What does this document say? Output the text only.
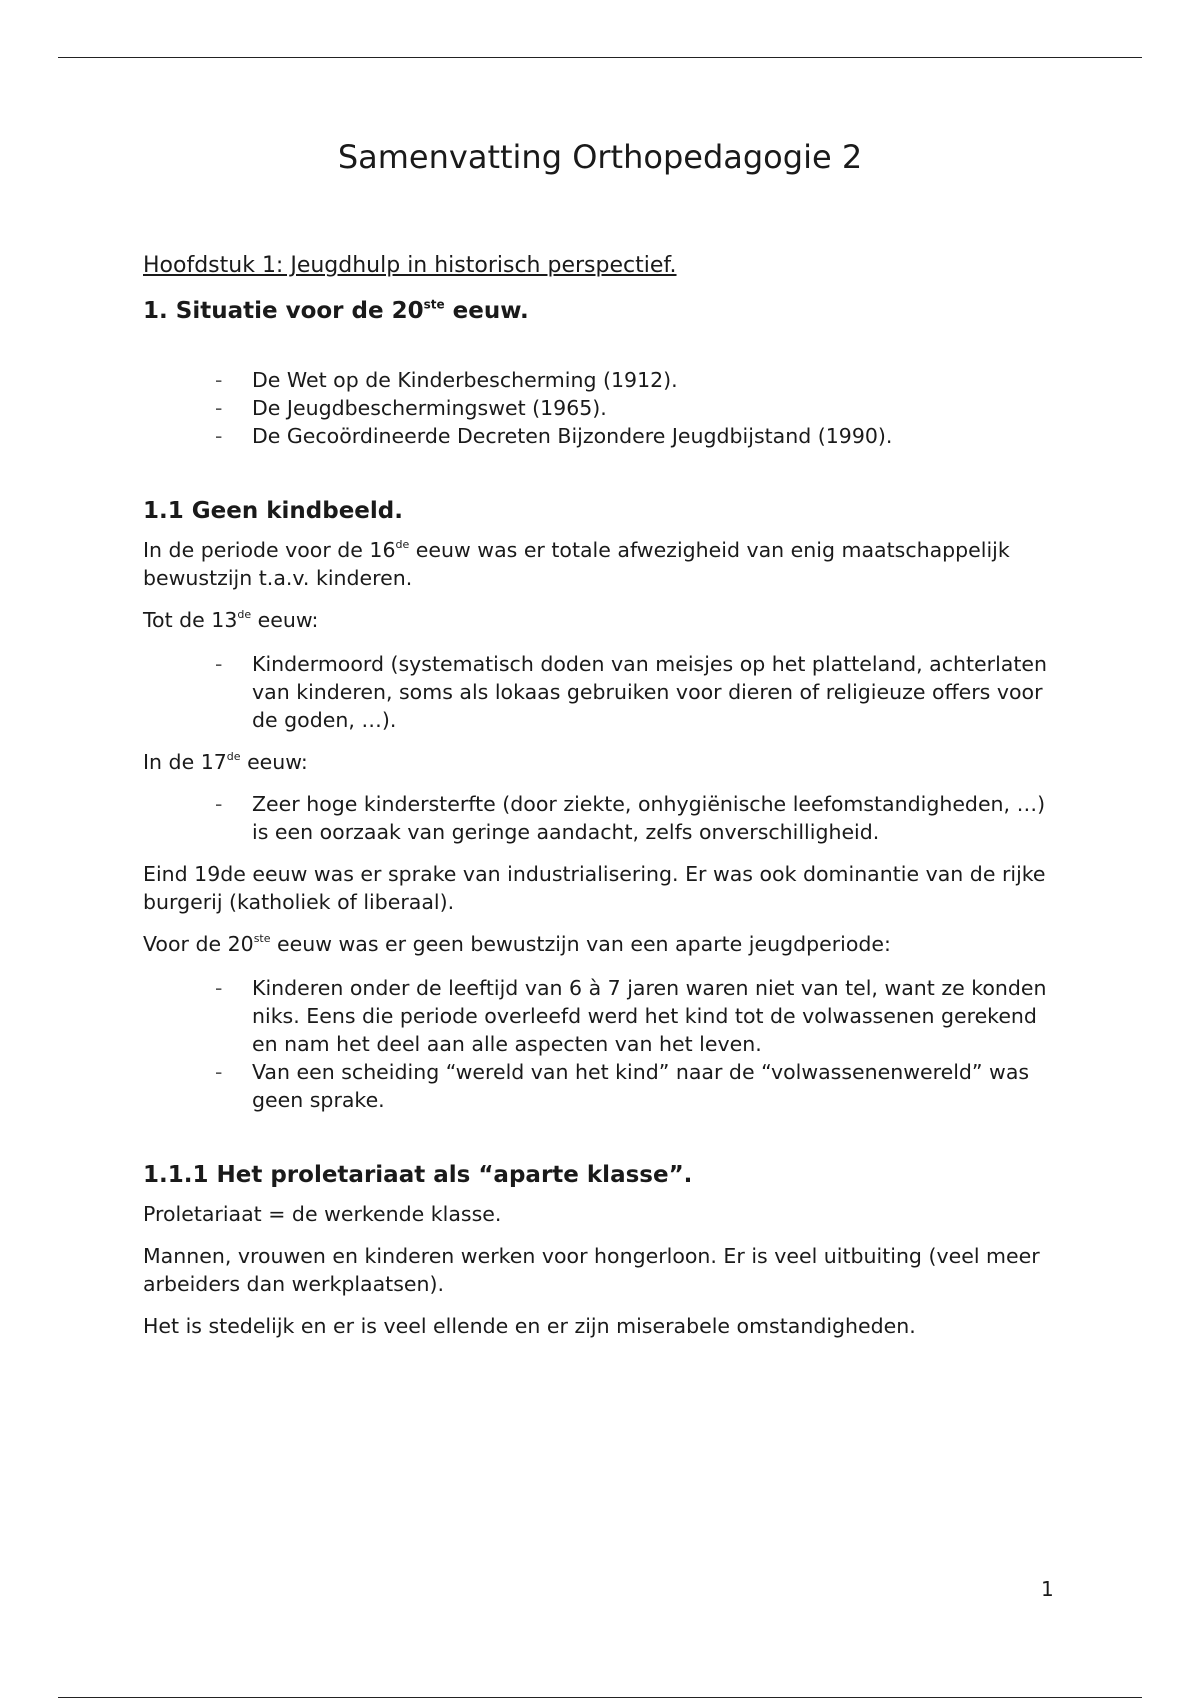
Samenvatting Orthopedagogie 2

Hoofdstuk 1: Jeugdhulp in historisch perspectief.

1. Situatie voor de 20ste eeuw.
- De Wet op de Kinderbescherming (1912).
- De Jeugdbeschermingswet (1965).
- De Gecoördineerde Decreten Bijzondere Jeugdbijstand (1990).
1.1 Geen kindbeeld.

In de periode voor de 16de eeuw was er totale afwezigheid van enig maatschappelijk bewustzijn t.a.v. kinderen.

Tot de 13de eeuw:

- Kindermoord (systematisch doden van meisjes op het platteland, achterlaten van kinderen, soms als lokaas gebruiken voor dieren of religieuze offers voor de goden, …).

In de 17de eeuw:

- Zeer hoge kindersterfte (door ziekte, onhygiënische leefomstandigheden, …) is een oorzaak van geringe aandacht, zelfs onverschilligheid.

Eind 19de eeuw was er sprake van industrialisering. Er was ook dominantie van de rijke burgerij (katholiek of liberaal).

Voor de 20ste eeuw was er geen bewustzijn van een aparte jeugdperiode:

- Kinderen onder de leeftijd van 6 à 7 jaren waren niet van tel, want ze konden niks. Eens die periode overleefd werd het kind tot de volwassenen gerekend en nam het deel aan alle aspecten van het leven.
- Van een scheiding “wereld van het kind” naar de “volwassenenwereld” was geen sprake.
1.1.1 Het proletariaat als “aparte klasse”.

Proletariaat = de werkende klasse.

Mannen, vrouwen en kinderen werken voor hongerloon. Er is veel uitbuiting (veel meer arbeiders dan werkplaatsen).

Het is stedelijk en er is veel ellende en er zijn miserabele omstandigheden.

1
